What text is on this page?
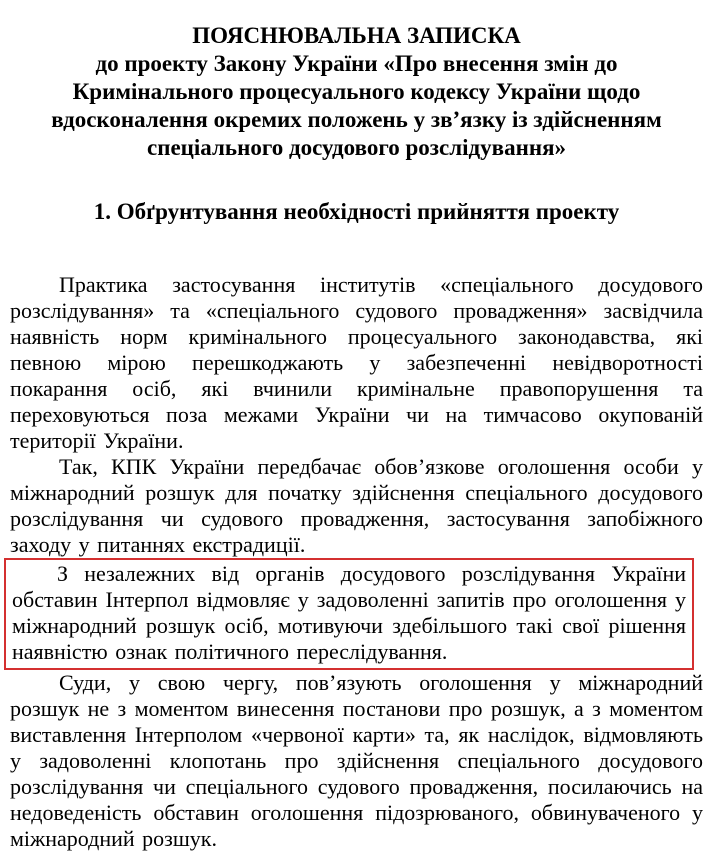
ПОЯСНЮВАЛЬНА ЗАПИСКА
до проекту Закону України «Про внесення змін до
Кримінального процесуального кодексу України щодо
вдосконалення окремих положень у зв’язку із здійсненням
спеціального досудового розслідування»
1. Обґрунтування необхідності прийняття проекту

Практика застосування інститутів «спеціального досудового розслідування» та «спеціального судового провадження» засвідчила наявність норм кримінального процесуального законодавства, які певною мірою перешкоджають у забезпеченні невідворотності покарання осіб, які вчинили кримінальне правопорушення та переховуються поза межами України чи на тимчасово окупованій території України.

Так, КПК України передбачає обов’язкове оголошення особи у міжнародний розшук для початку здійснення спеціального досудового розслідування чи судового провадження, застосування запобіжного заходу у питаннях екстрадиції.

З незалежних від органів досудового розслідування України обставин Інтерпол відмовляє у задоволенні запитів про оголошення у міжнародний розшук осіб, мотивуючи здебільшого такі свої рішення наявністю ознак політичного переслідування.

Суди, у свою чергу, пов’язують оголошення у міжнародний розшук не з моментом винесення постанови про розшук, а з моментом виставлення Інтерполом «червоної карти» та, як наслідок, відмовляють у задоволенні клопотань про здійснення спеціального досудового розслідування чи спеціального судового провадження, посилаючись на недоведеність обставин оголошення підозрюваного, обвинуваченого у міжнародний розшук.
